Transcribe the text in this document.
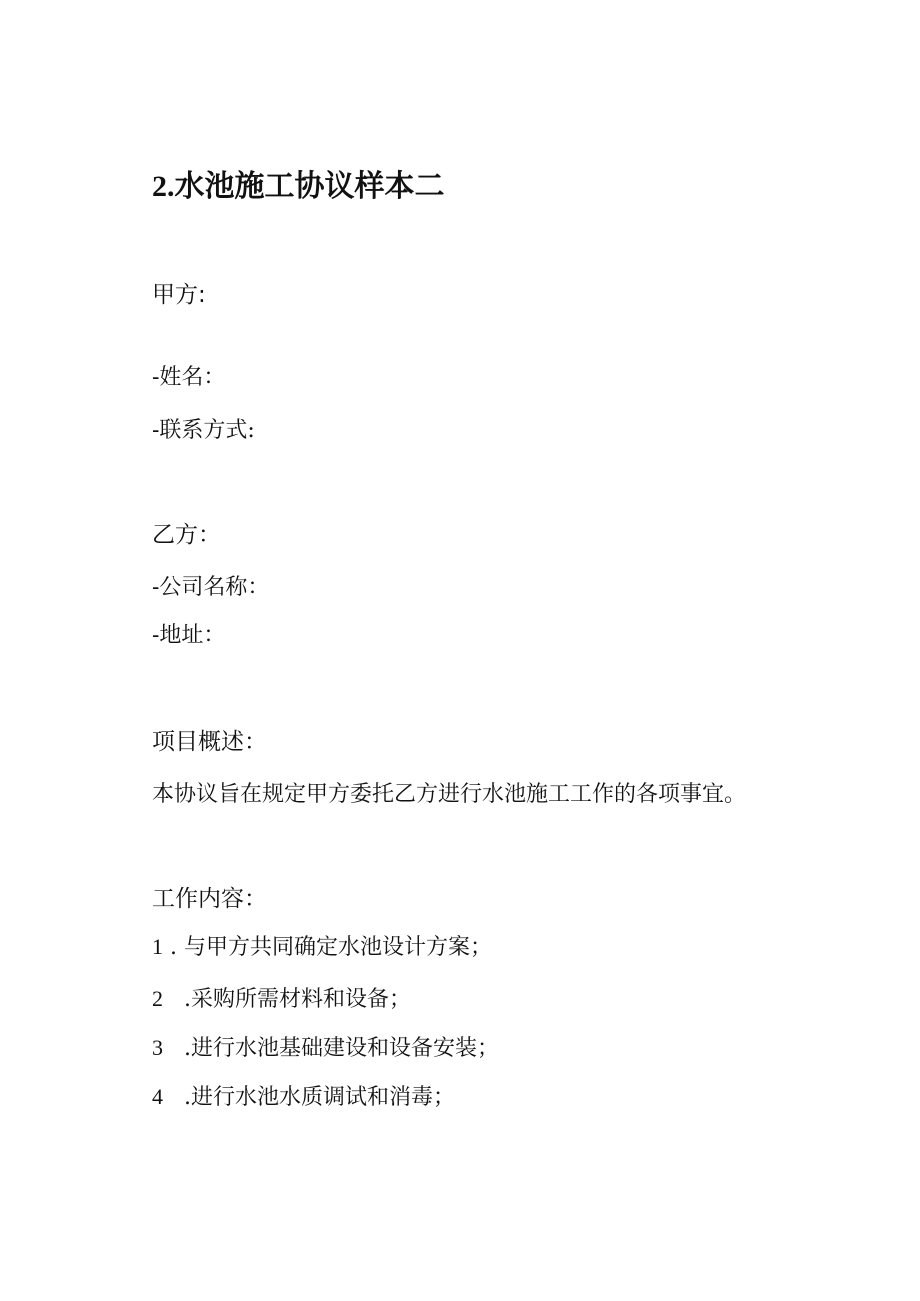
2.水池施工协议样本二
甲方:
-姓名：
-联系方式:
乙方：
-公司名称：
-地址：
项目概述：
本协议旨在规定甲方委托乙方进行水池施工工作的各项事宜。
工作内容：
1 . 与甲方共同确定水池设计方案；
2 .采购所需材料和设备；
3 .进行水池基础建设和设备安装；
4 .进行水池水质调试和消毒；
